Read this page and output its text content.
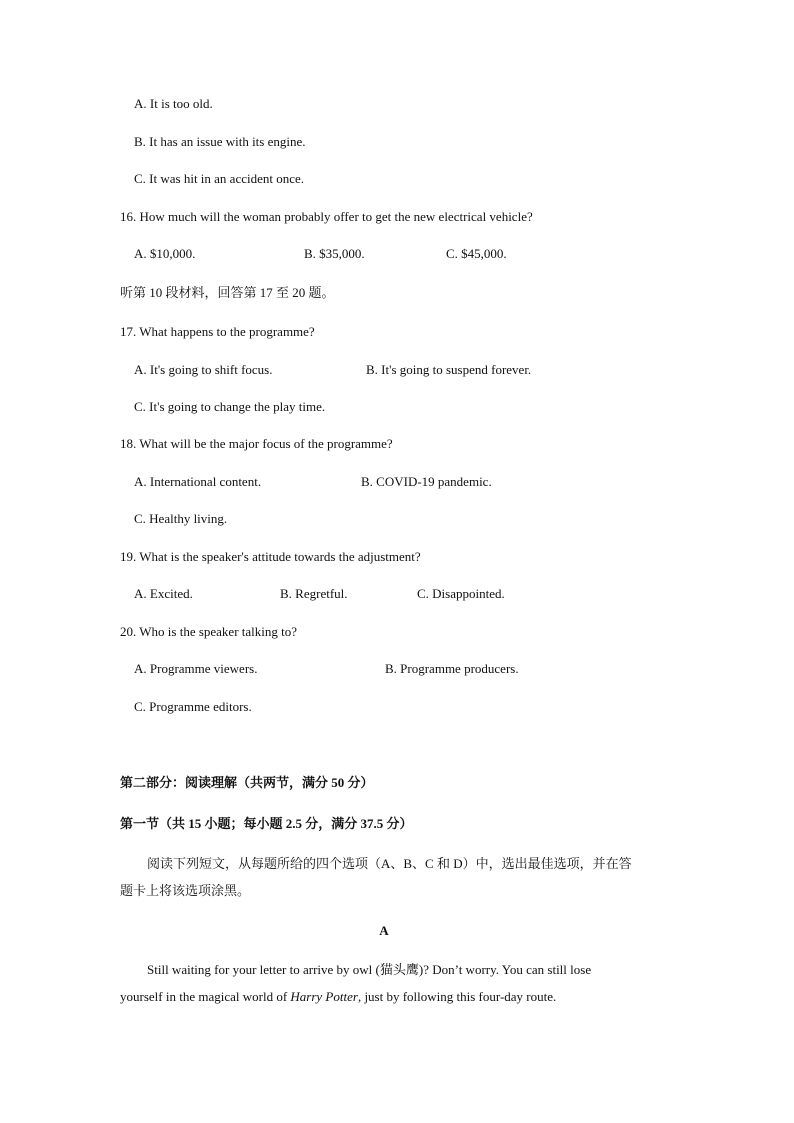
A. It is too old.
B. It has an issue with its engine.
C. It was hit in an accident once.
16. How much will the woman probably offer to get the new electrical vehicle?
A. $10,000.	B. $35,000.	C. $45,000.
听第 10 段材料，回答第 17 至 20 题。
17. What happens to the programme?
A. It's going to shift focus.	B. It's going to suspend forever.
C. It's going to change the play time.
18. What will be the major focus of the programme?
A. International content.	B. COVID-19 pandemic.
C. Healthy living.
19. What is the speaker's attitude towards the adjustment?
A. Excited.	B. Regretful.	C. Disappointed.
20. Who is the speaker talking to?
A. Programme viewers.	B. Programme producers.
C. Programme editors.
第二部分：阅读理解（共两节，满分 50 分）
第一节（共 15 小题；每小题 2.5 分，满分 37.5 分）
阅读下列短文，从每题所给的四个选项（A、B、C 和 D）中，选出最佳选项，并在答题卡上将该选项涂黑。
A
Still waiting for your letter to arrive by owl (猫头鹰)? Don’t worry. You can still lose yourself in the magical world of Harry Potter, just by following this four-day route.
